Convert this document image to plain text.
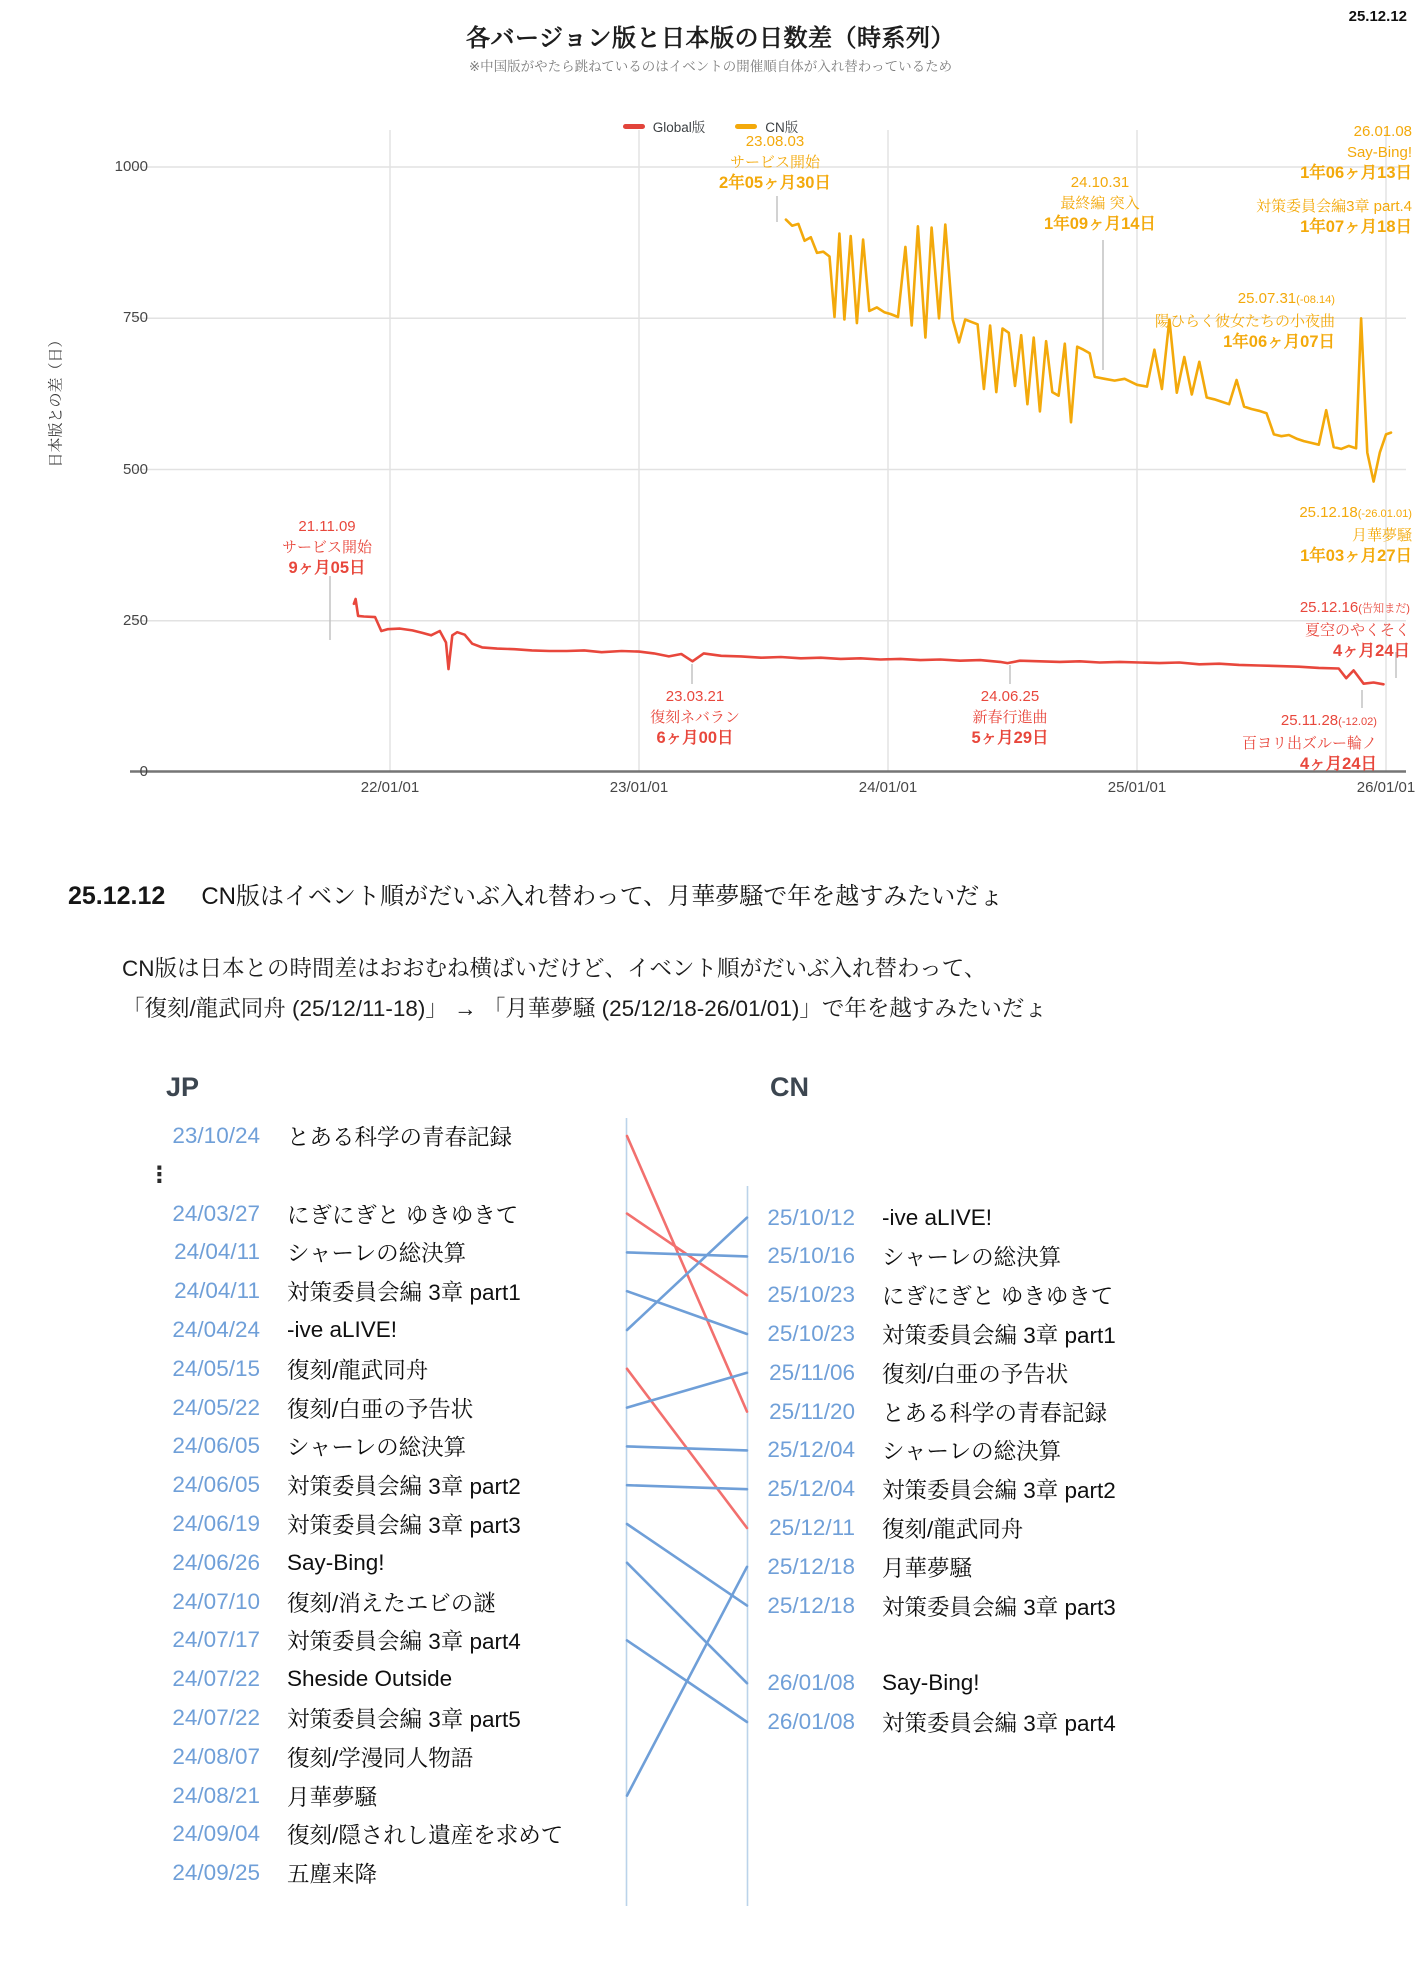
25.12.12
各バージョン版と日本版の日数差（時系列）
※中国版がやたら跳ねているのはイベントの開催順自体が入れ替わっているため
Global版	CN版
日本版との差（日）
0
250
500
750
1000
22/01/01	23/01/01	24/01/01	25/01/01	26/01/01
23.08.03
サービス開始
2年05ヶ月30日	24.10.31
最終編 突入
1年09ヶ月14日
26.01.08
Say-Bing!
1年06ヶ月13日
対策委員会編3章 part.4
1年07ヶ月18日
25.07.31(-08.14)
陽ひらく彼女たちの小夜曲
1年06ヶ月07日
21.11.09
サービス開始
9ヶ月05日
25.12.18(-26.01.01)
月華夢騒
1年03ヶ月27日
25.12.16(告知まだ)
夏空のやくそく
4ヶ月24日
23.03.21
復刻ネバラン
6ヶ月00日
24.06.25
新春行進曲
5ヶ月29日
25.11.28(-12.02)
百ヨリ出ズルー輪ノ
4ヶ月24日
25.12.12 CN版はイベント順がだいぶ入れ替わって、月華夢騒で年を越すみたいだょ
CN版は日本との時間差はおおむね横ばいだけど、イベント順がだいぶ入れ替わって、
「復刻/龍武同舟 (25/12/11-18)」 → 「月華夢騒 (25/12/18-26/01/01)」で年を越すみたいだょ
JP	CN
23/10/24 とある科学の青春記録
⋮
24/03/27 にぎにぎと ゆきゆきて
24/04/11 シャーレの総決算
24/04/11 対策委員会編 3章 part1
24/04/24 -ive aLIVE!
24/05/15 復刻/龍武同舟
24/05/22 復刻/白亜の予告状
24/06/05 シャーレの総決算
24/06/05 対策委員会編 3章 part2
24/06/19 対策委員会編 3章 part3
24/06/26 Say-Bing!
24/07/10 復刻/消えたエビの謎
24/07/17 対策委員会編 3章 part4
24/07/22 Sheside Outside
24/07/22 対策委員会編 3章 part5
24/08/07 復刻/学漫同人物語
24/08/21 月華夢騒
24/09/04 復刻/隠されし遺産を求めて
24/09/25 五塵来降
25/10/12 -ive aLIVE!
25/10/16 シャーレの総決算
25/10/23 にぎにぎと ゆきゆきて
25/10/23 対策委員会編 3章 part1
25/11/06 復刻/白亜の予告状
25/11/20 とある科学の青春記録
25/12/04 シャーレの総決算
25/12/04 対策委員会編 3章 part2
25/12/11 復刻/龍武同舟
25/12/18 月華夢騒
25/12/18 対策委員会編 3章 part3
26/01/08 Say-Bing!
26/01/08 対策委員会編 3章 part4
